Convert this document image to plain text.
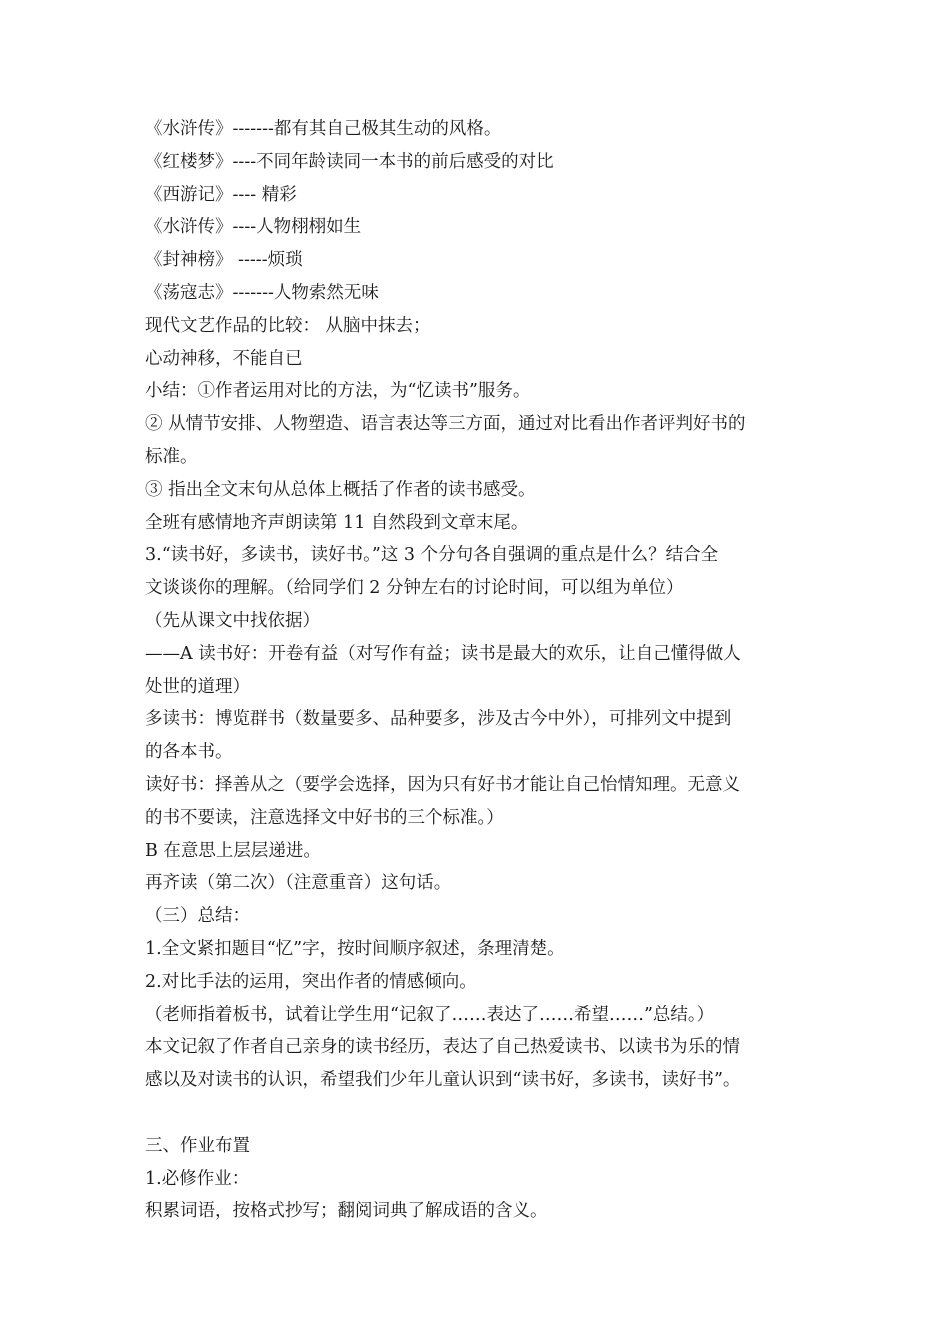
《水浒传》-------都有其自己极其生动的风格。
《红楼梦》----不同年龄读同一本书的前后感受的对比
《西游记》---- 精彩
《水浒传》----人物栩栩如生
《封神榜》 -----烦琐
《荡寇志》-------人物索然无味
现代文艺作品的比较： 从脑中抹去；
心动神移，不能自已
小结：①作者运用对比的方法，为“忆读书”服务。
② 从情节安排、人物塑造、语言表达等三方面，通过对比看出作者评判好书的
标准。
③ 指出全文末句从总体上概括了作者的读书感受。
全班有感情地齐声朗读第 11 自然段到文章末尾。
3.“读书好，多读书，读好书。”这 3 个分句各自强调的重点是什么？结合全
文谈谈你的理解。（给同学们 2 分钟左右的讨论时间，可以组为单位）
（先从课文中找依据）
——A 读书好：开卷有益（对写作有益；读书是最大的欢乐，让自己懂得做人
处世的道理）
多读书：博览群书（数量要多、品种要多，涉及古今中外），可排列文中提到
的各本书。
读好书：择善从之（要学会选择，因为只有好书才能让自己怡情知理。无意义
的书不要读，注意选择文中好书的三个标准。）
B 在意思上层层递进。
再齐读（第二次）（注意重音）这句话。
（三）总结：
1.全文紧扣题目“忆”字，按时间顺序叙述，条理清楚。
2.对比手法的运用，突出作者的情感倾向。
（老师指着板书，试着让学生用“记叙了……表达了……希望……”总结。）
本文记叙了作者自己亲身的读书经历，表达了自己热爱读书、以读书为乐的情
感以及对读书的认识，希望我们少年儿童认识到“读书好，多读书，读好书”。
三、作业布置
1.必修作业：
积累词语，按格式抄写；翻阅词典了解成语的含义。
